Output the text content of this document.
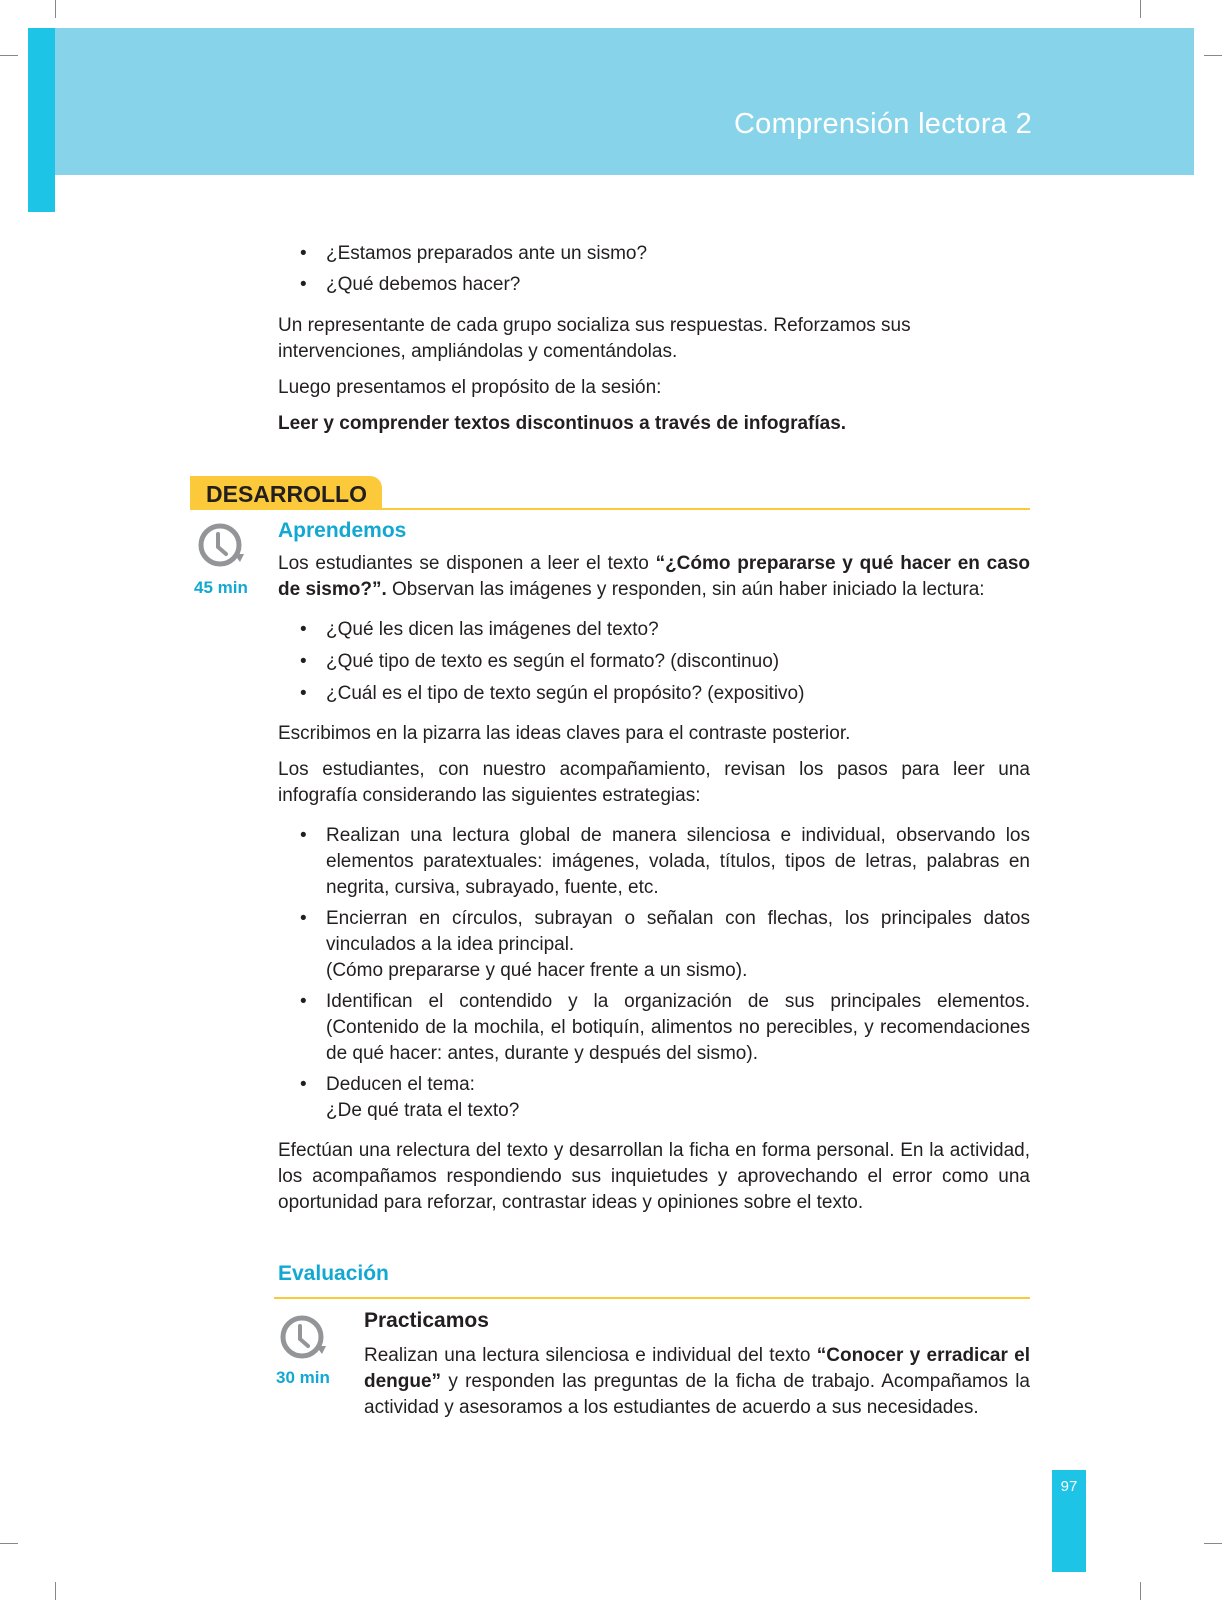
Comprensión lectora 2
• ¿Estamos preparados ante un sismo?
• ¿Qué debemos hacer?

Un representante de cada grupo socializa sus respuestas. Reforzamos sus intervenciones, ampliándolas y comentándolas.

Luego presentamos el propósito de la sesión:

Leer y comprender textos discontinuos a través de infografías.

DESARROLLO
45 min
Aprendemos

Los estudiantes se disponen a leer el texto “¿Cómo prepararse y qué hacer en caso de sismo?”. Observan las imágenes y responden, sin aún haber iniciado la lectura:

• ¿Qué les dicen las imágenes del texto?
• ¿Qué tipo de texto es según el formato? (discontinuo)
• ¿Cuál es el tipo de texto según el propósito? (expositivo)

Escribimos en la pizarra las ideas claves para el contraste posterior.

Los estudiantes, con nuestro acompañamiento, revisan los pasos para leer una infografía considerando las siguientes estrategias:

• Realizan una lectura global de manera silenciosa e individual, observando los elementos paratextuales: imágenes, volada, títulos, tipos de letras, palabras en negrita, cursiva, subrayado, fuente, etc.
• Encierran en círculos, subrayan o señalan con flechas, los principales datos vinculados a la idea principal.
(Cómo prepararse y qué hacer frente a un sismo).
• Identifican el contendido y la organización de sus principales elementos. (Contenido de la mochila, el botiquín, alimentos no perecibles, y recomendaciones de qué hacer: antes, durante y después del sismo).
• Deducen el tema:
¿De qué trata el texto?

Efectúan una relectura del texto y desarrollan la ficha en forma personal. En la actividad, los acompañamos respondiendo sus inquietudes y aprovechando el error como una oportunidad para reforzar, contrastar ideas y opiniones sobre el texto.

Evaluación
30 min
Practicamos

Realizan una lectura silenciosa e individual del texto “Conocer y erradicar el dengue” y responden las preguntas de la ficha de trabajo. Acompañamos la actividad y asesoramos a los estudiantes de acuerdo a sus necesidades.

97
